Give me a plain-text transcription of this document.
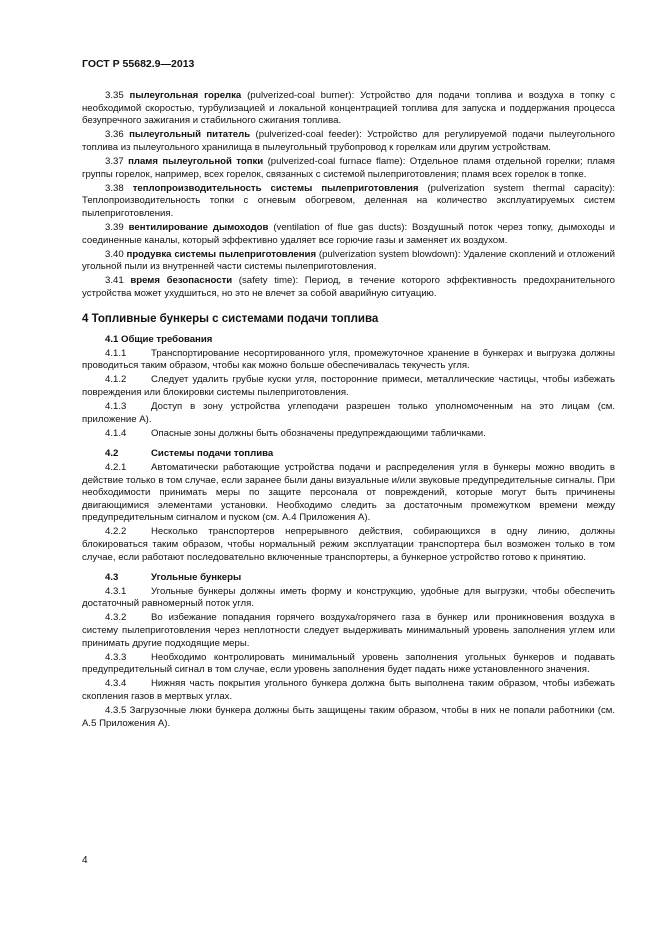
ГОСТ Р 55682.9—2013
3.35 пылеугольная горелка (pulverized-coal burner): Устройство для подачи топлива и воздуха в топку с необходимой скоростью, турбулизацией и локальной концентрацией топлива для запуска и поддержания процесса безупречного зажигания и стабильного сжигания топлива.
3.36 пылеугольный питатель (pulverized-coal feeder): Устройство для регулируемой подачи пылеугольного топлива из пылеугольного хранилища в пылеугольный трубопровод к горелкам или другим устройствам.
3.37 пламя пылеугольной топки (pulverized-coal furnace flame): Отдельное пламя отдельной горелки; пламя группы горелок, например, всех горелок, связанных с системой пылеприготовления; пламя всех горелок в топке.
3.38 теплопроизводительность системы пылеприготовления (pulverization system thermal capacity): Теплопроизводительность топки с огневым обогревом, деленная на количество эксплуатируемых систем пылеприготовления.
3.39 вентилирование дымоходов (ventilation of flue gas ducts): Воздушный поток через топку, дымоходы и соединенные каналы, который эффективно удаляет все горючие газы и заменяет их воздухом.
3.40 продувка системы пылеприготовления (pulverization system blowdown): Удаление скоплений и отложений угольной пыли из внутренней части системы пылеприготовления.
3.41 время безопасности (safety time): Период, в течение которого эффективность предохранительного устройства может ухудшиться, но это не влечет за собой аварийную ситуацию.
4 Топливные бункеры с системами подачи топлива
4.1 Общие требования
4.1.1	Транспортирование несортированного угля, промежуточное хранение в бункерах и выгрузка должны проводиться таким образом, чтобы как можно больше обеспечивалась текучесть угля.
4.1.2	Следует удалить грубые куски угля, посторонние примеси, металлические частицы, чтобы избежать повреждения или блокировки системы пылеприготовления.
4.1.3	Доступ в зону устройства углеподачи разрешен только уполномоченным на это лицам (см. приложение А).
4.1.4	Опасные зоны должны быть обозначены предупреждающими табличками.
4.2	Системы подачи топлива
4.2.1	Автоматически работающие устройства подачи и распределения угля в бункеры можно вводить в действие только в том случае, если заранее были даны визуальные и/или звуковые предупредительные сигналы. При необходимости принимать меры по защите персонала от повреждений, которые могут быть причинены двигающимися элементами установки. Необходимо следить за достаточным промежутком времени между предупредительным сигналом и пуском (см. А.4 Приложения А).
4.2.2	Несколько транспортеров непрерывного действия, собирающихся в одну линию, должны блокироваться таким образом, чтобы нормальный режим эксплуатации транспортера был возможен только в том случае, если работают последовательно включенные транспортеры, а бункерное устройство готово к принятию.
4.3	Угольные бункеры
4.3.1	Угольные бункеры должны иметь форму и конструкцию, удобные для выгрузки, чтобы обеспечить достаточный равномерный поток угля.
4.3.2	Во избежание попадания горячего воздуха/горячего газа в бункер или проникновения воздуха в систему пылеприготовления через неплотности следует выдерживать минимальный уровень заполнения углем или принимать другие подходящие меры.
4.3.3	Необходимо контролировать минимальный уровень заполнения угольных бункеров и подавать предупредительный сигнал в том случае, если уровень заполнения будет падать ниже установленного значения.
4.3.4	Нижняя часть покрытия угольного бункера должна быть выполнена таким образом, чтобы избежать скопления газов в мертвых углах.
4.3.5 Загрузочные люки бункера должны быть защищены таким образом, чтобы в них не попали работники (см. А.5 Приложения А).
4
